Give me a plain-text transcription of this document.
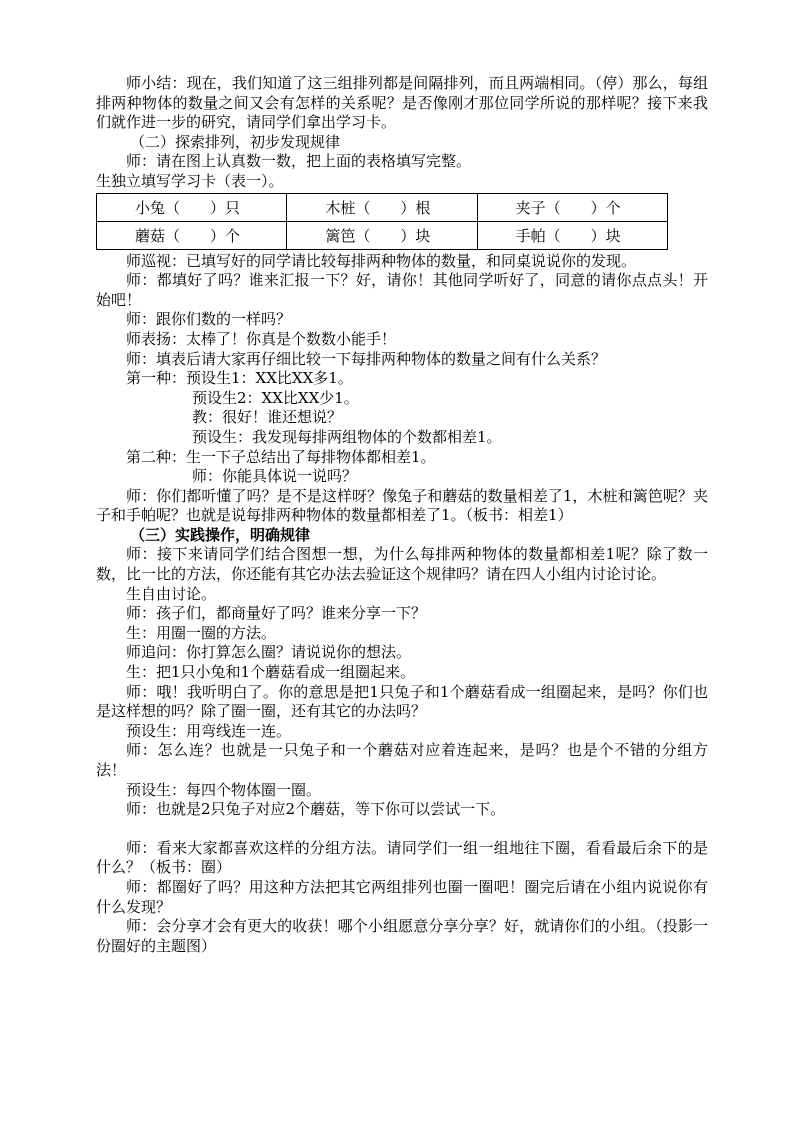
师小结：现在，我们知道了这三组排列都是间隔排列，而且两端相同。（停）那么，每组排两种物体的数量之间又会有怎样的关系呢？是否像刚才那位同学所说的那样呢？接下来我们就作进一步的研究，请同学们拿出学习卡。

（二）探索排列，初步发现规律

师：请在图上认真数一数，把上面的表格填写完整。

生独立填写学习卡（表一）。

小兔（　　）只	木桩（　　）根	夹子（　　）个
蘑菇（　　）个	篱笆（　　）块	手帕（　　）块

师巡视：已填写好的同学请比较每排两种物体的数量，和同桌说说你的发现。

师：都填好了吗？谁来汇报一下？好，请你！其他同学听好了，同意的请你点点头！开始吧！

师：跟你们数的一样吗？

师表扬：太棒了！你真是个数数小能手！

师：填表后请大家再仔细比较一下每排两种物体的数量之间有什么关系？

第一种：预设生1：XX比XX多1。

预设生2：XX比XX少1。

教：很好！谁还想说？

预设生：我发现每排两组物体的个数都相差1。

第二种：生一下子总结出了每排物体都相差1。

师：你能具体说一说吗？

师：你们都听懂了吗？是不是这样呀？像兔子和蘑菇的数量相差了1，木桩和篱笆呢？夹子和手帕呢？也就是说每排两种物体的数量都相差了1。（板书：相差1）

（三）实践操作，明确规律

师：接下来请同学们结合图想一想，为什么每排两种物体的数量都相差1呢？除了数一数，比一比的方法，你还能有其它办法去验证这个规律吗？请在四人小组内讨论讨论。

生自由讨论。

师：孩子们，都商量好了吗？谁来分享一下？

生：用圈一圈的方法。

师追问：你打算怎么圈？请说说你的想法。

生：把1只小兔和1个蘑菇看成一组圈起来。

师：哦！我听明白了。你的意思是把1只兔子和1个蘑菇看成一组圈起来，是吗？你们也是这样想的吗？除了圈一圈，还有其它的办法吗？

预设生：用弯线连一连。

师：怎么连？也就是一只兔子和一个蘑菇对应着连起来，是吗？也是个不错的分组方法！

预设生：每四个物体圈一圈。

师：也就是2只兔子对应2个蘑菇，等下你可以尝试一下。

师：看来大家都喜欢这样的分组方法。请同学们一组一组地往下圈，看看最后余下的是什么？（板书：圈）

师：都圈好了吗？用这种方法把其它两组排列也圈一圈吧！圈完后请在小组内说说你有什么发现？

师：会分享才会有更大的收获！哪个小组愿意分享分享？好，就请你们的小组。（投影一份圈好的主题图）
